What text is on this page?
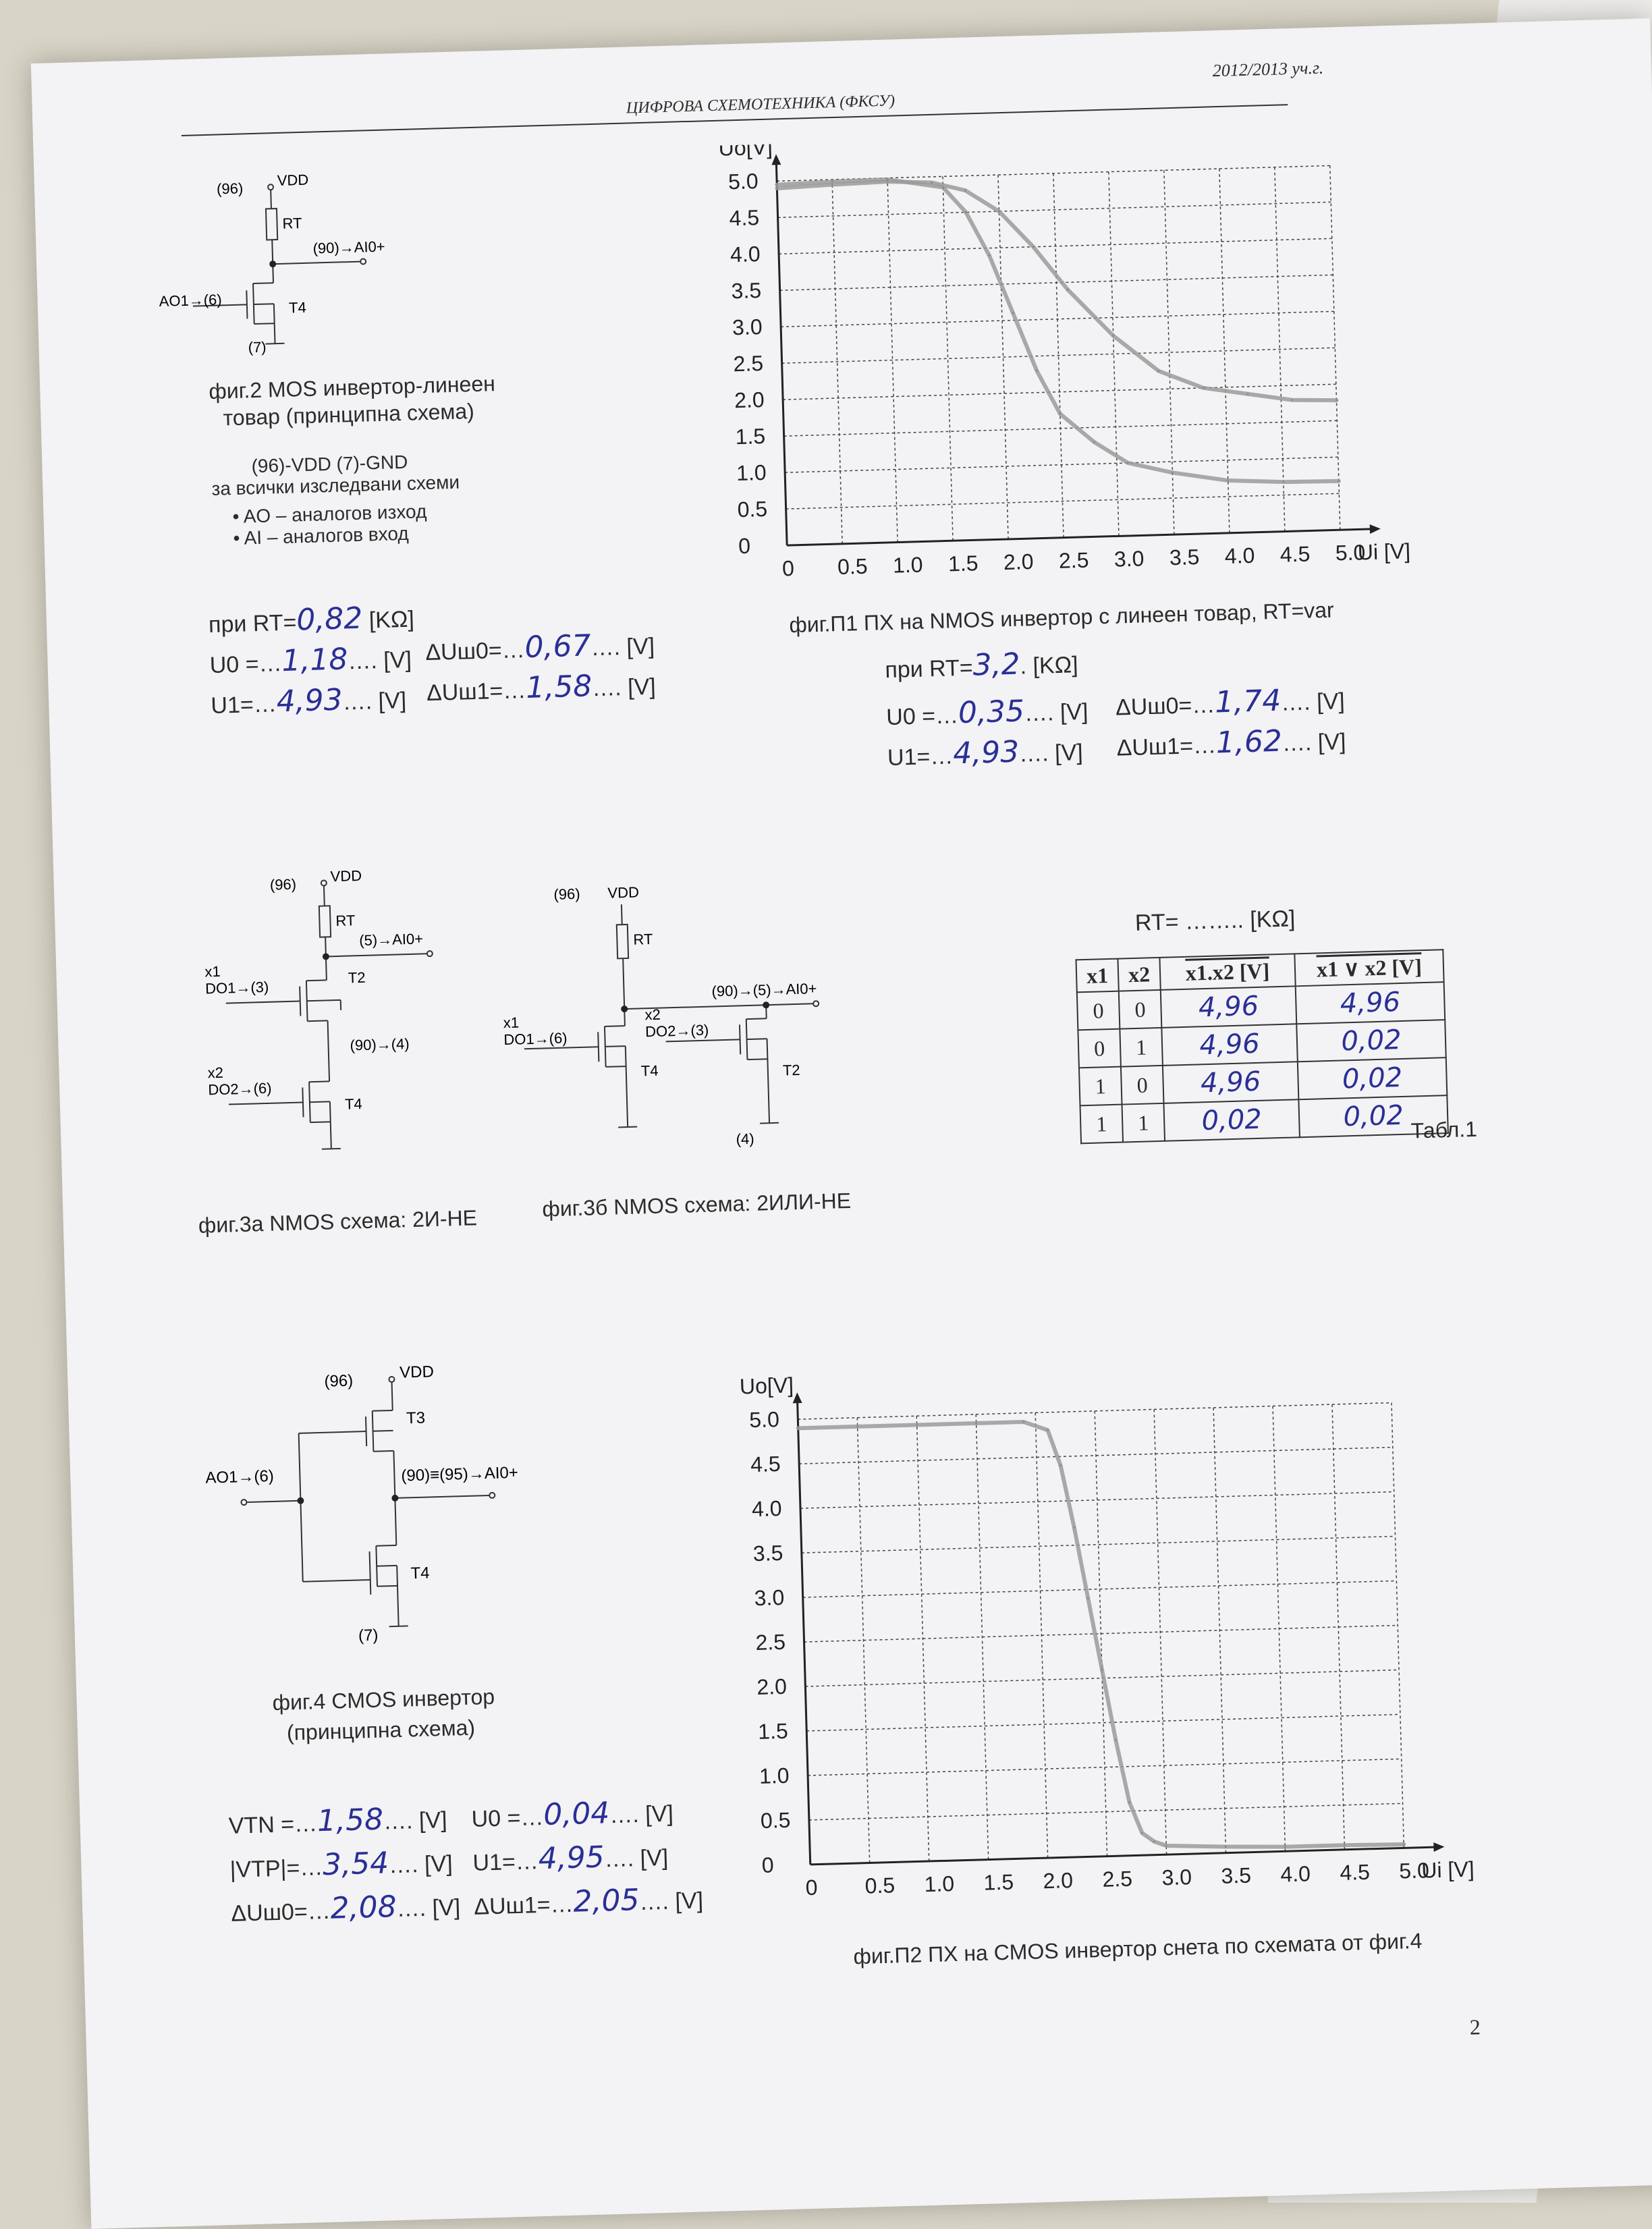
2012/2013 уч.г.
ЦИФРОВА СХЕМОТЕХНИКА (ФКСУ)
(96) VDD
RT
(90)→AI0+
AO1→(6)	T4
(7)
фиг.2 MOS инвертор-линеен
товар (принципна схема)
(96)-VDD (7)-GND
за всички изследвани схеми
• AO – аналогов изход
• AI – аналогов вход
при RT=0,82 [KΩ]
U0 =…1,18…. [V]
U1=…4,93…. [V]
ΔUш0=…0,67…. [V]
ΔUш1=…1,58…. [V]
0 0.5 1.0 1.5 2.0 2.5 3.0 3.5 4.0 4.5 5.0
0
0.5
1.0
1.5
2.0
2.5
3.0
3.5
4.0
4.5
5.0
Uo[V]
Ui [V]
фиг.П1 ПХ на NMOS инвертор с линеен товар, RT=var
при RT=3,2. [KΩ]
U0 =…0,35…. [V]
U1=…4,93…. [V]
ΔUш0=…1,74…. [V]
ΔUш1=…1,62…. [V]
(96) VDD
RT
(5)→AI0+
x1
DO1→(3)
T2
(90)→(4)
x2
DO2→(6)
T4
фиг.3а NMOS схема: 2И-НЕ
(96) VDD
RT
(90)→(5)→AI0+
x1
DO1→(6)
T4
x2
DO2→(3)
T2
(4)
фиг.3б NMOS схема: 2ИЛИ-НЕ
RT= …….. [KΩ]
x1	x2	x1.x2 [V]	x1 ∨ x2 [V]
0	0	4,96	4,96
0	1	4,96	0,02
1	0	4,96	0,02
1	1	0,02	0,02 Табл.1
(96)	VDD
T3
AO1→(6)	(90)≡(95)→AI0+
T4
(7)
фиг.4 CMOS инвертор
(принципна схема)
VTN =…1,58…. [V]
|VTP|=…3,54…. [V]
ΔUш0=…2,08…. [V]
U0 =…0,04…. [V]
U1=…4,95…. [V]
ΔUш1=…2,05…. [V]
0 0.5 1.0 1.5 2.0 2.5 3.0 3.5 4.0 4.5 5.0
0
0.5
1.0
1.5
2.0
2.5
3.0
3.5
4.0
4.5
5.0
Uo[V]
Ui [V]
фиг.П2 ПХ на CMOS инвертор снета по схемата от фиг.4
2
